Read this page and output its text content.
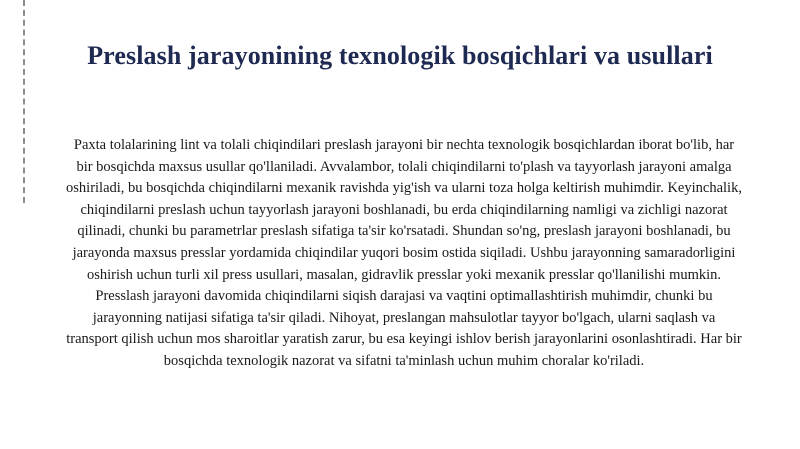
Preslash jarayonining texnologik bosqichlari va usullari

Paxta tolalarining lint va tolali chiqindilari preslash jarayoni bir nechta texnologik bosqichlardan iborat bo'lib, har bir bosqichda maxsus usullar qo'llaniladi. Avvalambor, tolali chiqindilarni to'plash va tayyorlash jarayoni amalga oshiriladi, bu bosqichda chiqindilarni mexanik ravishda yig'ish va ularni toza holga keltirish muhimdir. Keyinchalik, chiqindilarni preslash uchun tayyorlash jarayoni boshlanadi, bu erda chiqindilarning namligi va zichligi nazorat qilinadi, chunki bu parametrlar preslash sifatiga ta'sir ko'rsatadi. Shundan so'ng, preslash jarayoni boshlanadi, bu jarayonda maxsus presslar yordamida chiqindilar yuqori bosim ostida siqiladi. Ushbu jarayonning samaradorligini oshirish uchun turli xil press usullari, masalan, gidravlik presslar yoki mexanik presslar qo'llanilishi mumkin. Presslash jarayoni davomida chiqindilarni siqish darajasi va vaqtini optimallashtirish muhimdir, chunki bu jarayonning natijasi sifatiga ta'sir qiladi. Nihoyat, preslangan mahsulotlar tayyor bo'lgach, ularni saqlash va transport qilish uchun mos sharoitlar yaratish zarur, bu esa keyingi ishlov berish jarayonlarini osonlashtiradi. Har bir bosqichda texnologik nazorat va sifatni ta'minlash uchun muhim choralar ko'riladi.
